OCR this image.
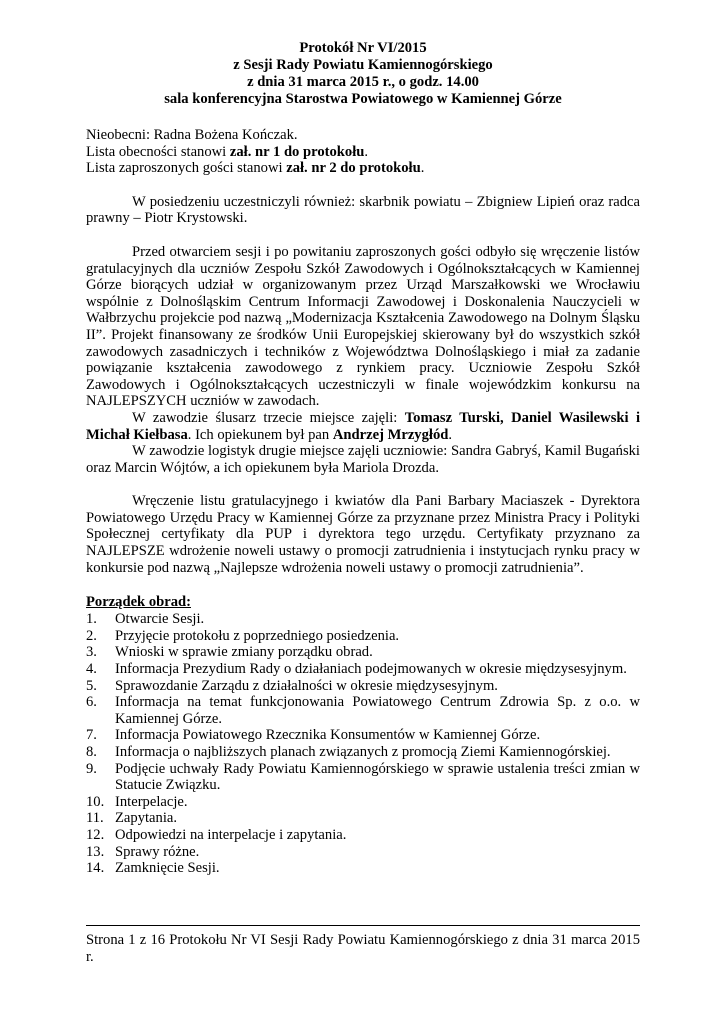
Protokół Nr VI/2015
z Sesji Rady Powiatu Kamiennogórskiego
z dnia 31 marca 2015 r., o godz. 14.00
sala konferencyjna Starostwa Powiatowego w Kamiennej Górze

Nieobecni: Radna Bożena Kończak.

Lista obecności stanowi zał. nr 1 do protokołu.

Lista zaproszonych gości stanowi zał. nr 2 do protokołu.

W posiedzeniu uczestniczyli również: skarbnik powiatu – Zbigniew Lipień oraz radca prawny – Piotr Krystowski.

Przed otwarciem sesji i po powitaniu zaproszonych gości odbyło się wręczenie listów gratulacyjnych dla uczniów Zespołu Szkół Zawodowych i Ogólnokształcących w Kamiennej Górze biorących udział w organizowanym przez Urząd Marszałkowski we Wrocławiu wspólnie z Dolnośląskim Centrum Informacji Zawodowej i Doskonalenia Nauczycieli w Wałbrzychu projekcie pod nazwą „Modernizacja Kształcenia Zawodowego na Dolnym Śląsku II”. Projekt finansowany ze środków Unii Europejskiej skierowany był do wszystkich szkół zawodowych zasadniczych i techników z Województwa Dolnośląskiego i miał za zadanie powiązanie kształcenia zawodowego z rynkiem pracy. Uczniowie Zespołu Szkół Zawodowych i Ogólnokształcących uczestniczyli w finale wojewódzkim konkursu na NAJLEPSZYCH uczniów w zawodach.

W zawodzie ślusarz trzecie miejsce zajęli: Tomasz Turski, Daniel Wasilewski i Michał Kiełbasa. Ich opiekunem był pan Andrzej Mrzygłód.

W zawodzie logistyk drugie miejsce zajęli uczniowie: Sandra Gabryś, Kamil Bugański oraz Marcin Wójtów, a ich opiekunem była Mariola Drozda.

Wręczenie listu gratulacyjnego i kwiatów dla Pani Barbary Maciaszek - Dyrektora Powiatowego Urzędu Pracy w Kamiennej Górze za przyznane przez Ministra Pracy i Polityki Społecznej certyfikaty dla PUP i dyrektora tego urzędu. Certyfikaty przyznano za NAJLEPSZE wdrożenie noweli ustawy o promocji zatrudnienia i instytucjach rynku pracy w konkursie pod nazwą „Najlepsze wdrożenia noweli ustawy o promocji zatrudnienia”.

Porządek obrad:
1. Otwarcie Sesji.
2. Przyjęcie protokołu z poprzedniego posiedzenia.
3. Wnioski w sprawie zmiany porządku obrad.
4. Informacja Prezydium Rady o działaniach podejmowanych w okresie międzysesyjnym.
5. Sprawozdanie Zarządu z działalności w okresie międzysesyjnym.
6. Informacja na temat funkcjonowania Powiatowego Centrum Zdrowia Sp. z o.o. w Kamiennej Górze.
7. Informacja Powiatowego Rzecznika Konsumentów w Kamiennej Górze.
8. Informacja o najbliższych planach związanych z promocją Ziemi Kamiennogórskiej.
9. Podjęcie uchwały Rady Powiatu Kamiennogórskiego w sprawie ustalenia treści zmian w Statucie Związku.
10. Interpelacje.
11. Zapytania.
12. Odpowiedzi na interpelacje i zapytania.
13. Sprawy różne.
14. Zamknięcie Sesji.

Strona 1 z 16 Protokołu Nr VI Sesji Rady Powiatu Kamiennogórskiego z dnia 31 marca 2015 r.
